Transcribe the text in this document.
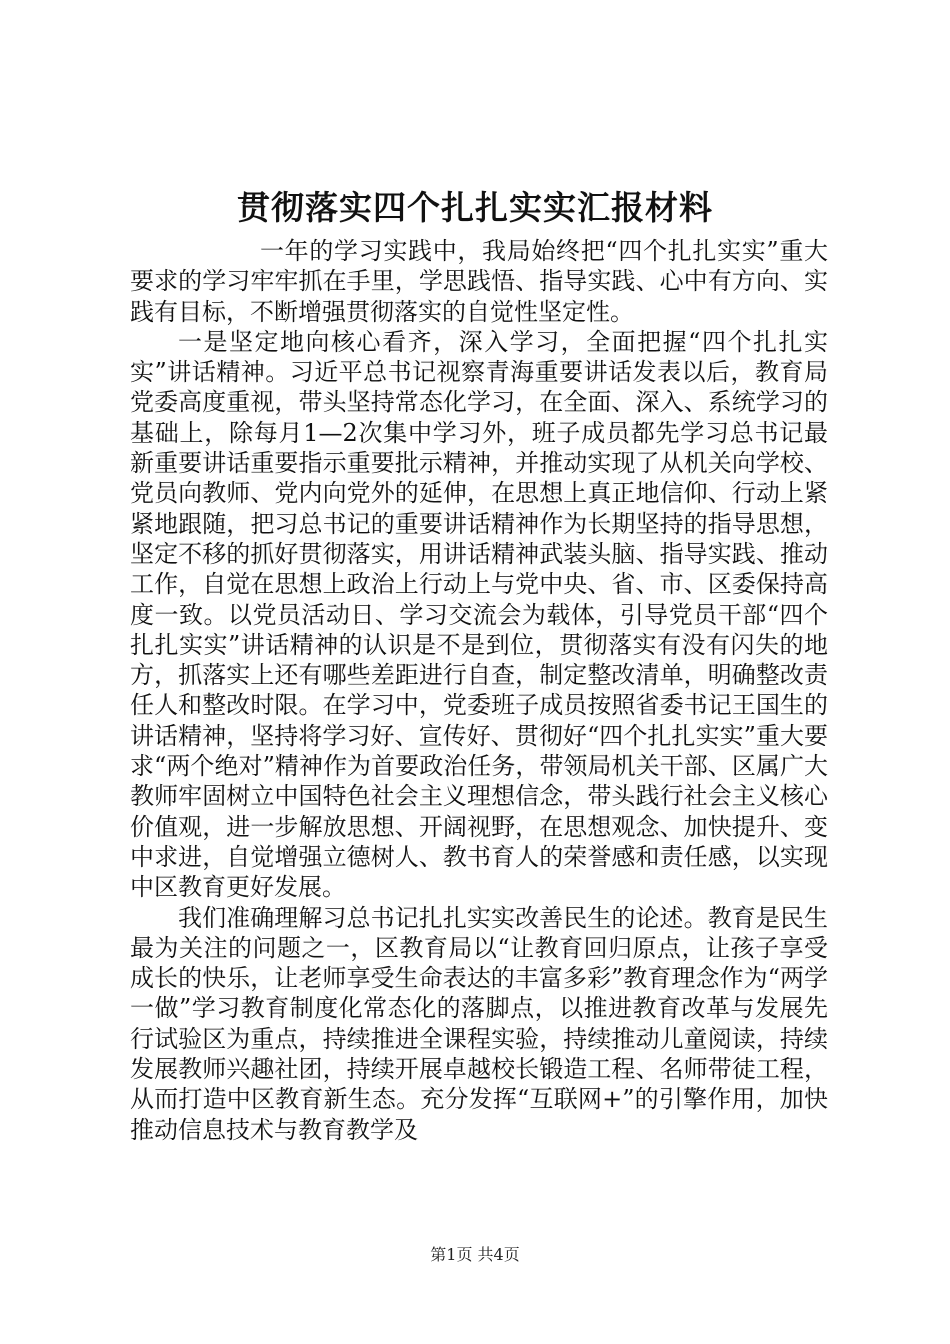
贯彻落实四个扎扎实实汇报材料

一年的学习实践中，我局始终把“四个扎扎实实”重大要求的学习牢牢抓在手里，学思践悟、指导实践、心中有方向、实践有目标，不断增强贯彻落实的自觉性坚定性。

一是坚定地向核心看齐，深入学习，全面把握“四个扎扎实实”讲话精神。习近平总书记视察青海重要讲话发表以后，教育局党委高度重视，带头坚持常态化学习，在全面、深入、系统学习的基础上，除每月1—2次集中学习外，班子成员都先学习总书记最新重要讲话重要指示重要批示精神，并推动实现了从机关向学校、党员向教师、党内向党外的延伸，在思想上真正地信仰、行动上紧紧地跟随，把习总书记的重要讲话精神作为长期坚持的指导思想，坚定不移的抓好贯彻落实，用讲话精神武装头脑、指导实践、推动工作，自觉在思想上政治上行动上与党中央、省、市、区委保持高度一致。以党员活动日、学习交流会为载体，引导党员干部“四个扎扎实实”讲话精神的认识是不是到位，贯彻落实有没有闪失的地方，抓落实上还有哪些差距进行自查，制定整改清单，明确整改责任人和整改时限。在学习中，党委班子成员按照省委书记王国生的讲话精神，坚持将学习好、宣传好、贯彻好“四个扎扎实实”重大要求“两个绝对”精神作为首要政治任务，带领局机关干部、区属广大教师牢固树立中国特色社会主义理想信念，带头践行社会主义核心价值观，进一步解放思想、开阔视野，在思想观念、加快提升、变中求进，自觉增强立德树人、教书育人的荣誉感和责任感，以实现中区教育更好发展。

我们准确理解习总书记扎扎实实改善民生的论述。教育是民生最为关注的问题之一，区教育局以“让教育回归原点，让孩子享受成长的快乐，让老师享受生命表达的丰富多彩”教育理念作为“两学一做”学习教育制度化常态化的落脚点，以推进教育改革与发展先行试验区为重点，持续推进全课程实验，持续推动儿童阅读，持续发展教师兴趣社团，持续开展卓越校长锻造工程、名师带徒工程，从而打造中区教育新生态。充分发挥“互联网+”的引擎作用，加快推动信息技术与教育教学及

第1页 共4页
